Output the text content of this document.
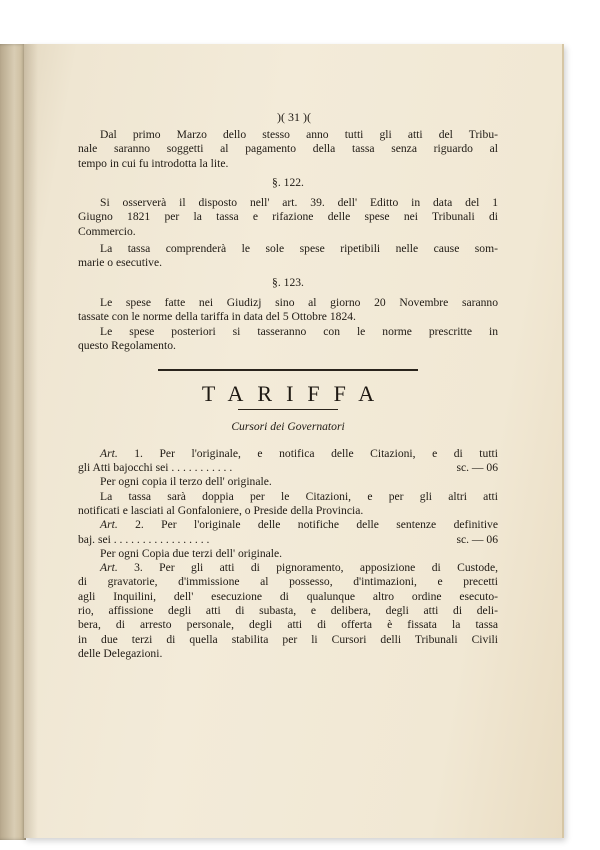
)( 31 )(
Dal primo Marzo dello stesso anno tutti gli atti del Tribu-
nale saranno soggetti al pagamento della tassa senza riguardo al
tempo in cui fu introdotta la lite.
§. 122.
Si osserverà il disposto nell' art. 39. dell' Editto in data del 1
Giugno 1821 per la tassa e rifazione delle spese nei Tribunali di
Commercio.
La tassa comprenderà le sole spese ripetibili nelle cause som-
marie o esecutive.
§. 123.
Le spese fatte nei Giudizj sino al giorno 20 Novembre saranno
tassate con le norme della tariffa in data del 5 Ottobre 1824.
Le spese posteriori si tasseranno con le norme prescritte in
questo Regolamento.
TARIFFA
Cursori dei Governatori
Art. 1. Per l'originale, e notifica delle Citazioni, e di tutti
gli Atti bajocchi sei . . . . . . . . . . .	sc. — 06
Per ogni copia il terzo dell' originale.
La tassa sarà doppia per le Citazioni, e per gli altri atti
notificati e lasciati al Gonfaloniere, o Preside della Provincia.
Art. 2. Per l'originale delle notifiche delle sentenze definitive
baj. sei . . . . . . . . . . . . . . . . .	sc. — 06
Per ogni Copia due terzi dell' originale.
Art. 3. Per gli atti di pignoramento, apposizione di Custode,
di gravatorie, d'immissione al possesso, d'intimazioni, e precetti
agli Inquilini, dell' esecuzione di qualunque altro ordine esecuto-
rio, affissione degli atti di subasta, e delibera, degli atti di deli-
bera, di arresto personale, degli atti di offerta è fissata la tassa
in due terzi di quella stabilita per li Cursori delli Tribunali Civili
delle Delegazioni.
